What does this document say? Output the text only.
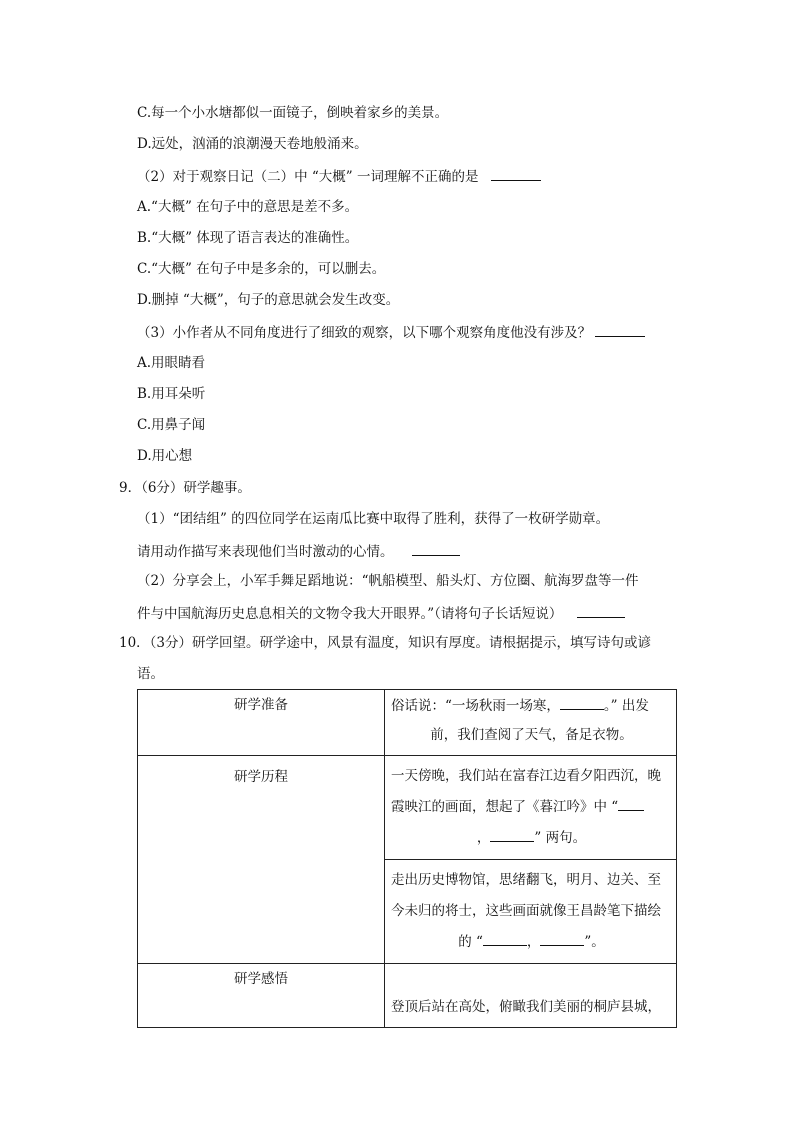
C.每一个小水塘都似一面镜子，倒映着家乡的美景。
D.远处，汹涌的浪潮漫天卷地般涌来。
（2）对于观察日记（二）中 “大概” 一词理解不正确的是
A.“大概” 在句子中的意思是差不多。
B.“大概” 体现了语言表达的准确性。
C.“大概” 在句子中是多余的，可以删去。
D.删掉 “大概”，句子的意思就会发生改变。
（3）小作者从不同角度进行了细致的观察，以下哪个观察角度他没有涉及？
A.用眼睛看
B.用耳朵听
C.用鼻子闻
D.用心想
9．（6分）研学趣事。
（1）“团结组” 的四位同学在运南瓜比赛中取得了胜利，获得了一枚研学勋章。
请用动作描写来表现他们当时激动的心情。
（2）分享会上，小军手舞足蹈地说：“帆船模型、船头灯、方位圈、航海罗盘等一件
件与中国航海历史息息相关的文物令我大开眼界。”（请将句子长话短说）
10．（3分）研学回望。研学途中，风景有温度，知识有厚度。请根据提示，填写诗句或谚
语。
研学准备	俗话说：“一场秋雨一场寒， 。” 出发
前，我们查阅了天气，备足衣物。

研学历程	一天傍晚，我们站在富春江边看夕阳西沉，晚
霞映江的画面，想起了《暮江吟》中 “
， ” 两句。

	走出历史博物馆，思绪翻飞，明月、边关、至
今未归的将士，这些画面就像王昌龄笔下描绘
的 “ ， ”。

研学感悟	登顶后站在高处，俯瞰我们美丽的桐庐县城，
